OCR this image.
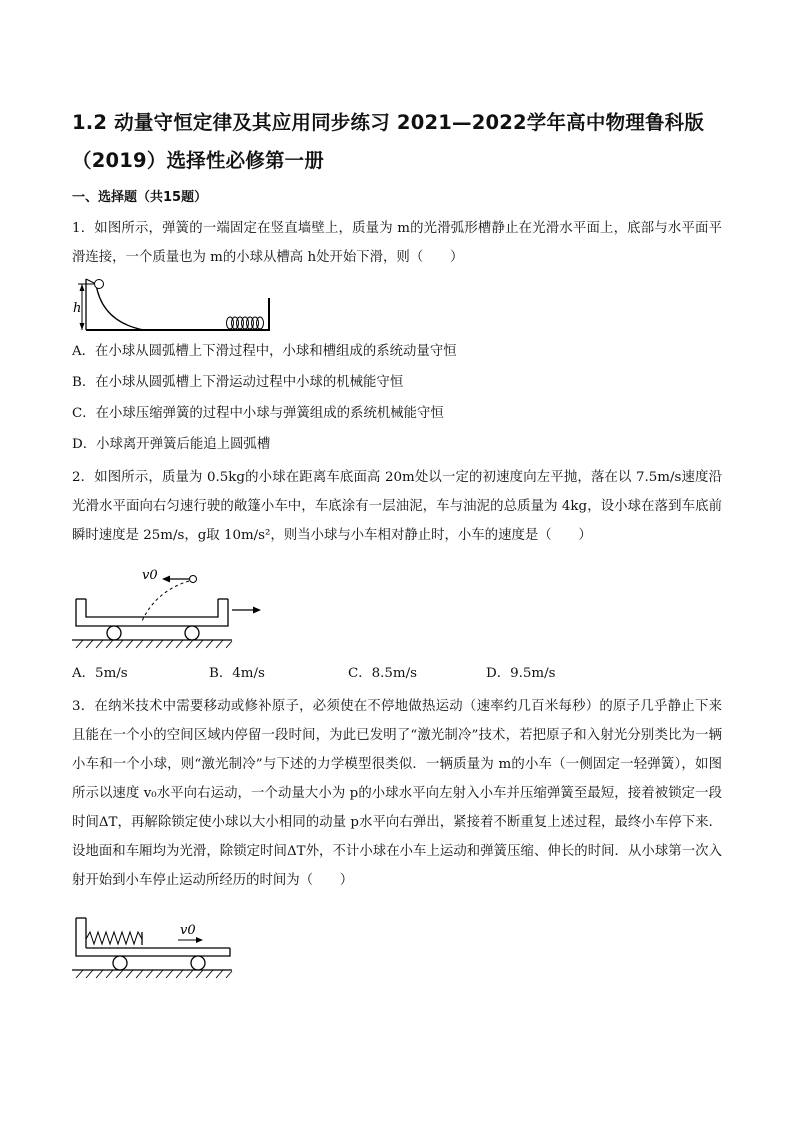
1.2 动量守恒定律及其应用同步练习 2021—2022学年高中物理鲁科版（2019）选择性必修第一册
一、选择题（共15题）
1．如图所示，弹簧的一端固定在竖直墙壁上，质量为 m的光滑弧形槽静止在光滑水平面上，底部与水平面平滑连接，一个质量也为 m的小球从槽高 h处开始下滑，则（　　）
h
A．在小球从圆弧槽上下滑过程中，小球和槽组成的系统动量守恒
B．在小球从圆弧槽上下滑运动过程中小球的机械能守恒
C．在小球压缩弹簧的过程中小球与弹簧组成的系统机械能守恒
D．小球离开弹簧后能追上圆弧槽
2．如图所示，质量为 0.5kg的小球在距离车底面高 20m处以一定的初速度向左平抛，落在以 7.5m/s速度沿光滑水平面向右匀速行驶的敞篷小车中，车底涂有一层油泥，车与油泥的总质量为 4kg，设小球在落到车底前瞬时速度是 25m/s，g取 10m/s²，则当小球与小车相对静止时，小车的速度是（　　）
v0
A．5m/s	B．4m/s	C．8.5m/s	D．9.5m/s
3．在纳米技术中需要移动或修补原子，必须使在不停地做热运动（速率约几百米每秒）的原子几乎静止下来且能在一个小的空间区域内停留一段时间，为此已发明了“激光制冷”技术，若把原子和入射光分别类比为一辆小车和一个小球，则“激光制冷”与下述的力学模型很类似．一辆质量为 m的小车（一侧固定一轻弹簧），如图所示以速度 v₀水平向右运动，一个动量大小为 p的小球水平向左射入小车并压缩弹簧至最短，接着被锁定一段时间ΔT，再解除锁定使小球以大小相同的动量 p水平向右弹出，紧接着不断重复上述过程，最终小车停下来．设地面和车厢均为光滑，除锁定时间ΔT外，不计小球在小车上运动和弹簧压缩、伸长的时间．从小球第一次入射开始到小车停止运动所经历的时间为（　　）
v0
